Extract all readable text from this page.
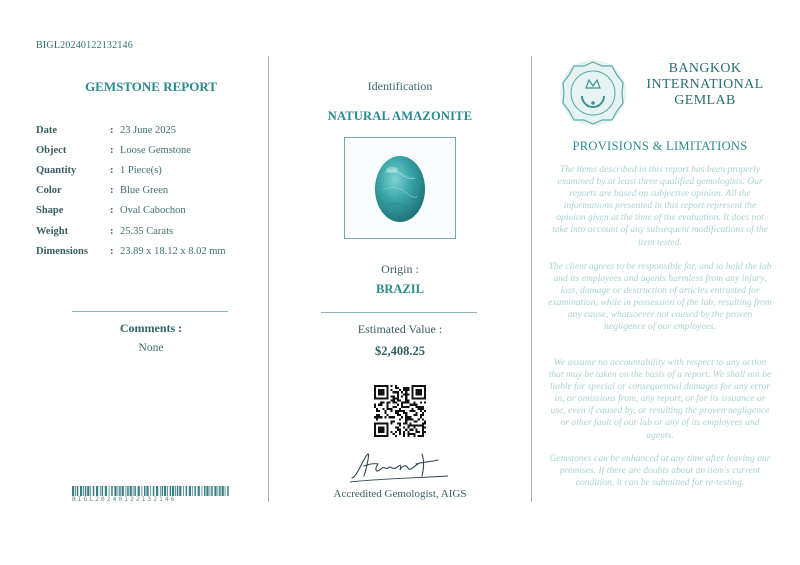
BIGL20240122132146
GEMSTONE REPORT
Date	: 23 June 2025
Object	: Loose Gemstone
Quantity	: 1 Piece(s)
Color	: Blue Green
Shape	: Oval Cabochon
Weight	: 25.35 Carats
Dimensions	: 23.89 x 18.12 x 8.02 mm
Comments :
None
BIGL20240122132146
Identification
NATURAL AMAZONITE
Origin :
BRAZIL
Estimated Value :
$2,408.25
Accredited Gemologist, AIGS
BANGKOK
INTERNATIONAL
GEMLAB
PROVISIONS & LIMITATIONS
The items described in this report has been properly examined by at least three qualified gemologists. Our reports are based on subjective opinion. All the informations presented in this report represent the opinion given at the time of the evaluation. It does not take into account of any subsequent modifications of the item tested.
The client agrees to be responsible for, and to hold the lab and its employees and agents harmless from any injury, loss, damage or destruction of articles entrusted for examination, while in possession of the lab, resulting from any cause, whatsoever not caused by the proven negligence of our employees.
We assume no accountability with respect to any action that may be taken on the basis of a report. We shall not be liable for special or consequential damages for any error in, or omissions from, any report, or for its issuance or use, even if caused by, or resulting the proven negligence or other fault of our lab or any of its employees and agents.
Gemstones can be enhanced at any time after leaving our premises. If there are doubts about an item's current condition, it can be submitted for re-testing.
